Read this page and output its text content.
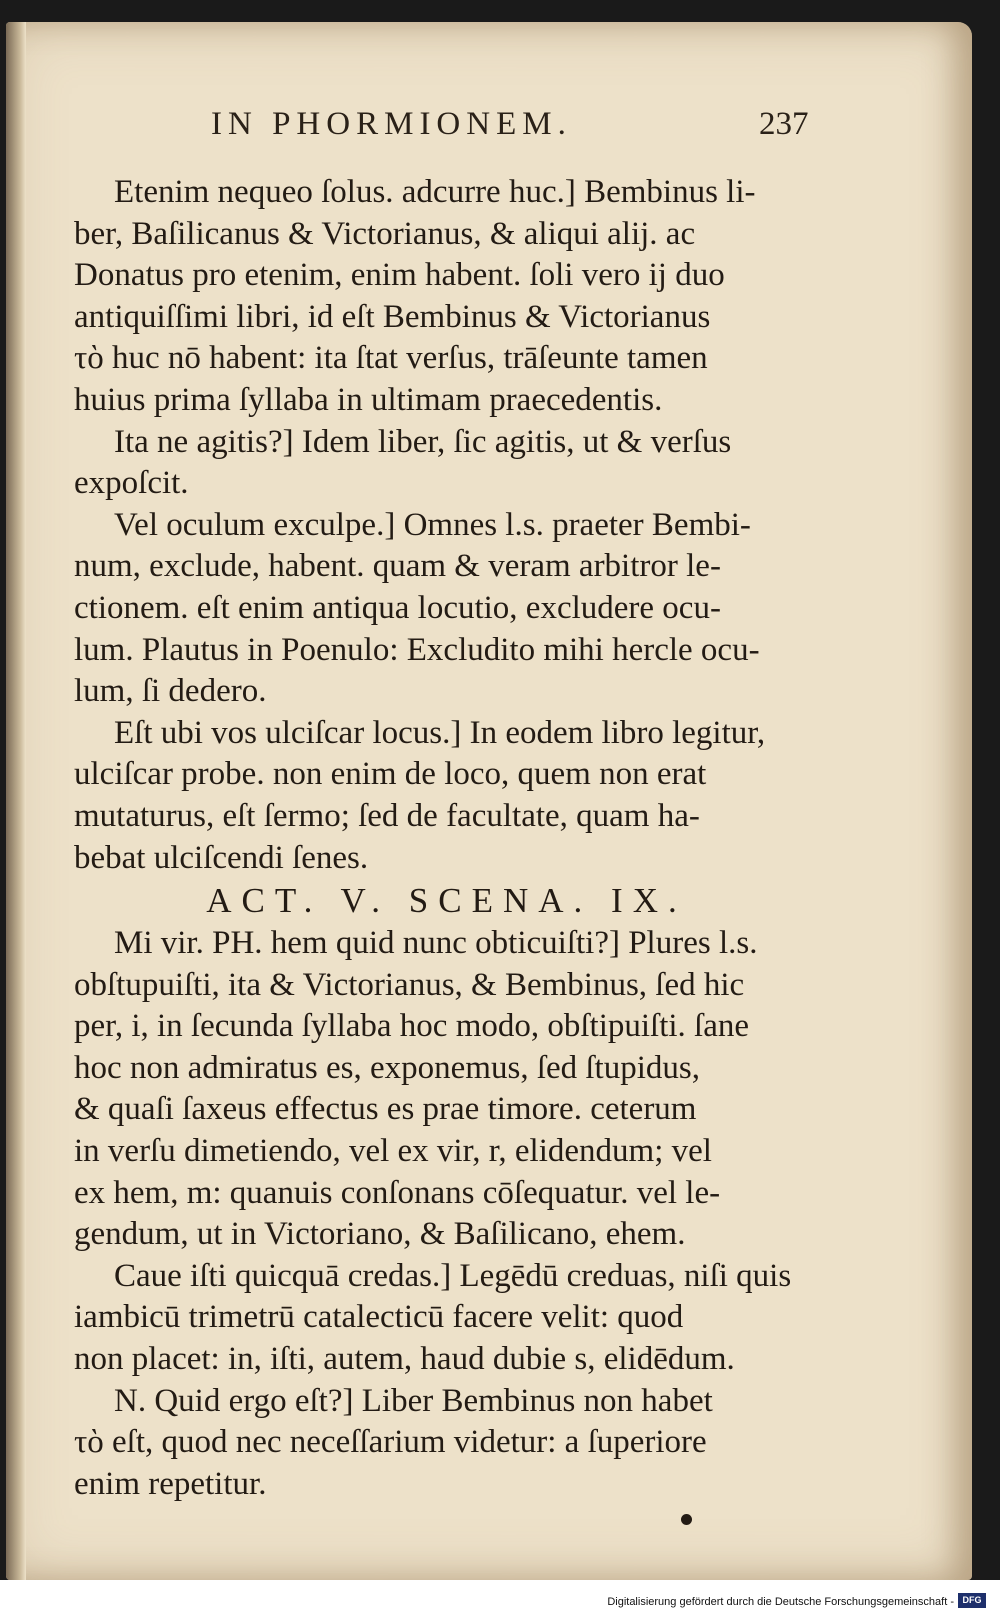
IN PHORMIONEM.	237
Etenim nequeo ſolus. adcurre huc.] Bembinus li-
ber, Baſilicanus & Victorianus, & aliqui alij. ac
Donatus pro etenim, enim habent. ſoli vero ij duo
antiquiſſimi libri, id eſt Bembinus & Victorianus
τὸ huc nō habent: ita ſtat verſus, trāſeunte tamen
huius prima ſyllaba in ultimam praecedentis.
Ita ne agitis?] Idem liber, ſic agitis, ut & verſus
expoſcit.
Vel oculum exculpe.] Omnes l.s. praeter Bembi-
num, exclude, habent. quam & veram arbitror le-
ctionem. eſt enim antiqua locutio, excludere ocu-
lum. Plautus in Poenulo: Excludito mihi hercle ocu-
lum, ſi dedero.
Eſt ubi vos ulciſcar locus.] In eodem libro legitur,
ulciſcar probe. non enim de loco, quem non erat
mutaturus, eſt ſermo; ſed de facultate, quam ha-
bebat ulciſcendi ſenes.
ACT. V. SCENA. IX.
Mi vir. PH. hem quid nunc obticuiſti?] Plures l.s.
obſtupuiſti, ita & Victorianus, & Bembinus, ſed hic
per, i, in ſecunda ſyllaba hoc modo, obſtipuiſti. ſane
hoc non admiratus es, exponemus, ſed ſtupidus,
& quaſi ſaxeus effectus es prae timore. ceterum
in verſu dimetiendo, vel ex vir, r, elidendum; vel
ex hem, m: quanuis conſonans cōſequatur. vel le-
gendum, ut in Victoriano, & Baſilicano, ehem.
Caue iſti quicquā credas.] Legēdū creduas, niſi quis
iambicū trimetrū catalecticū facere velit: quod
non placet: in, iſti, autem, haud dubie s, elidēdum.
N. Quid ergo eſt?] Liber Bembinus non habet
τὸ eſt, quod nec neceſſarium videtur: a ſuperiore
enim repetitur.
Digitalisierung gefördert durch die Deutsche Forschungsgemeinschaft - DFG
